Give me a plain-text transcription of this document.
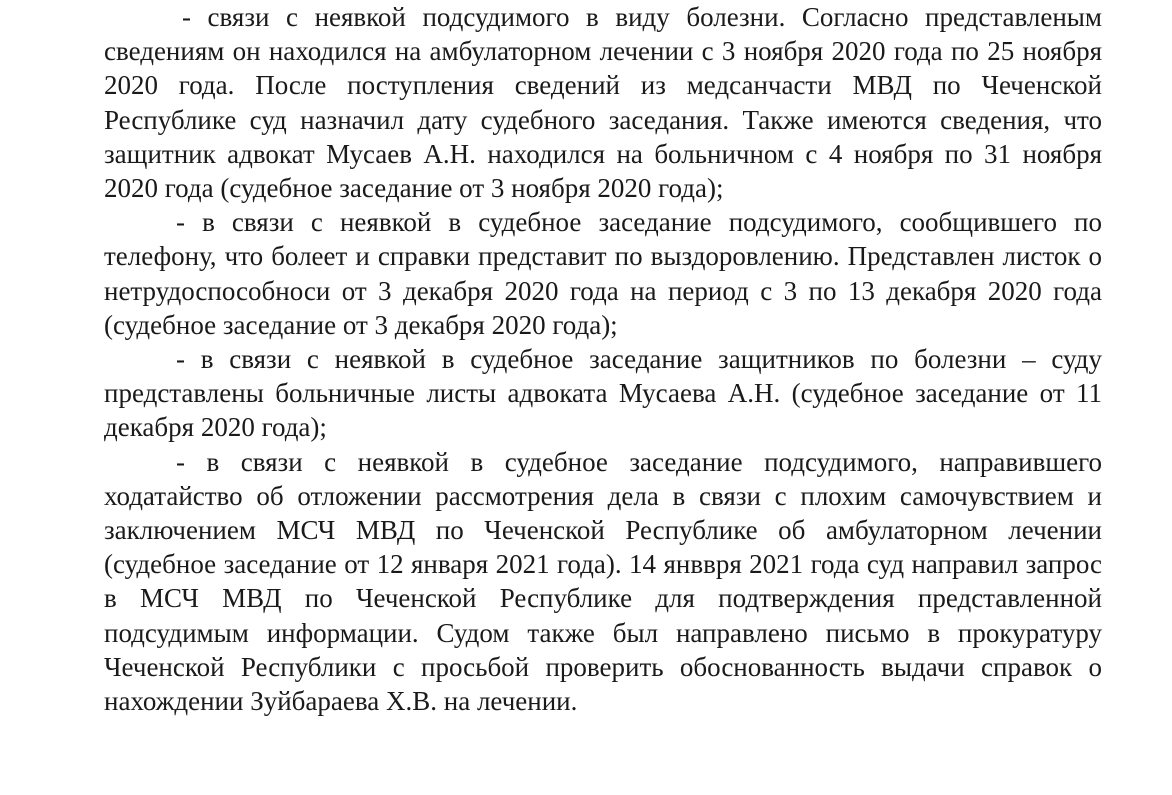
- связи с неявкой подсудимого в виду болезни. Согласно представленым сведениям он находился на амбулаторном лечении с 3 ноября 2020 года по 25 ноября 2020 года. После поступления сведений из медсанчасти МВД по Чеченской Республике суд назначил дату судебного заседания. Также имеются сведения, что защитник адвокат Мусаев А.Н. находился на больничном с 4 ноября по 31 ноября 2020 года (судебное заседание от 3 ноября 2020 года);

- в связи с неявкой в судебное заседание подсудимого, сообщившего по телефону, что болеет и справки представит по выздоровлению. Представлен листок о нетрудоспособноси от 3 декабря 2020 года на период с 3 по 13 декабря 2020 года (судебное заседание от 3 декабря 2020 года);

- в связи с неявкой в судебное заседание защитников по болезни – суду представлены больничные листы адвоката Мусаева А.Н. (судебное заседание от 11 декабря 2020 года);

- в связи с неявкой в судебное заседание подсудимого, направившего ходатайство об отложении рассмотрения дела в связи с плохим самочувствием и заключением МСЧ МВД по Чеченской Республике об амбулаторном лечении (судебное заседание от 12 января 2021 года). 14 янввря 2021 года суд направил запрос в МСЧ МВД по Чеченской Республике для подтверждения представленной подсудимым информации. Судом также был направлено письмо в прокуратуру Чеченской Республики с просьбой проверить обоснованность выдачи справок о нахождении Зуйбараева Х.В. на лечении.
